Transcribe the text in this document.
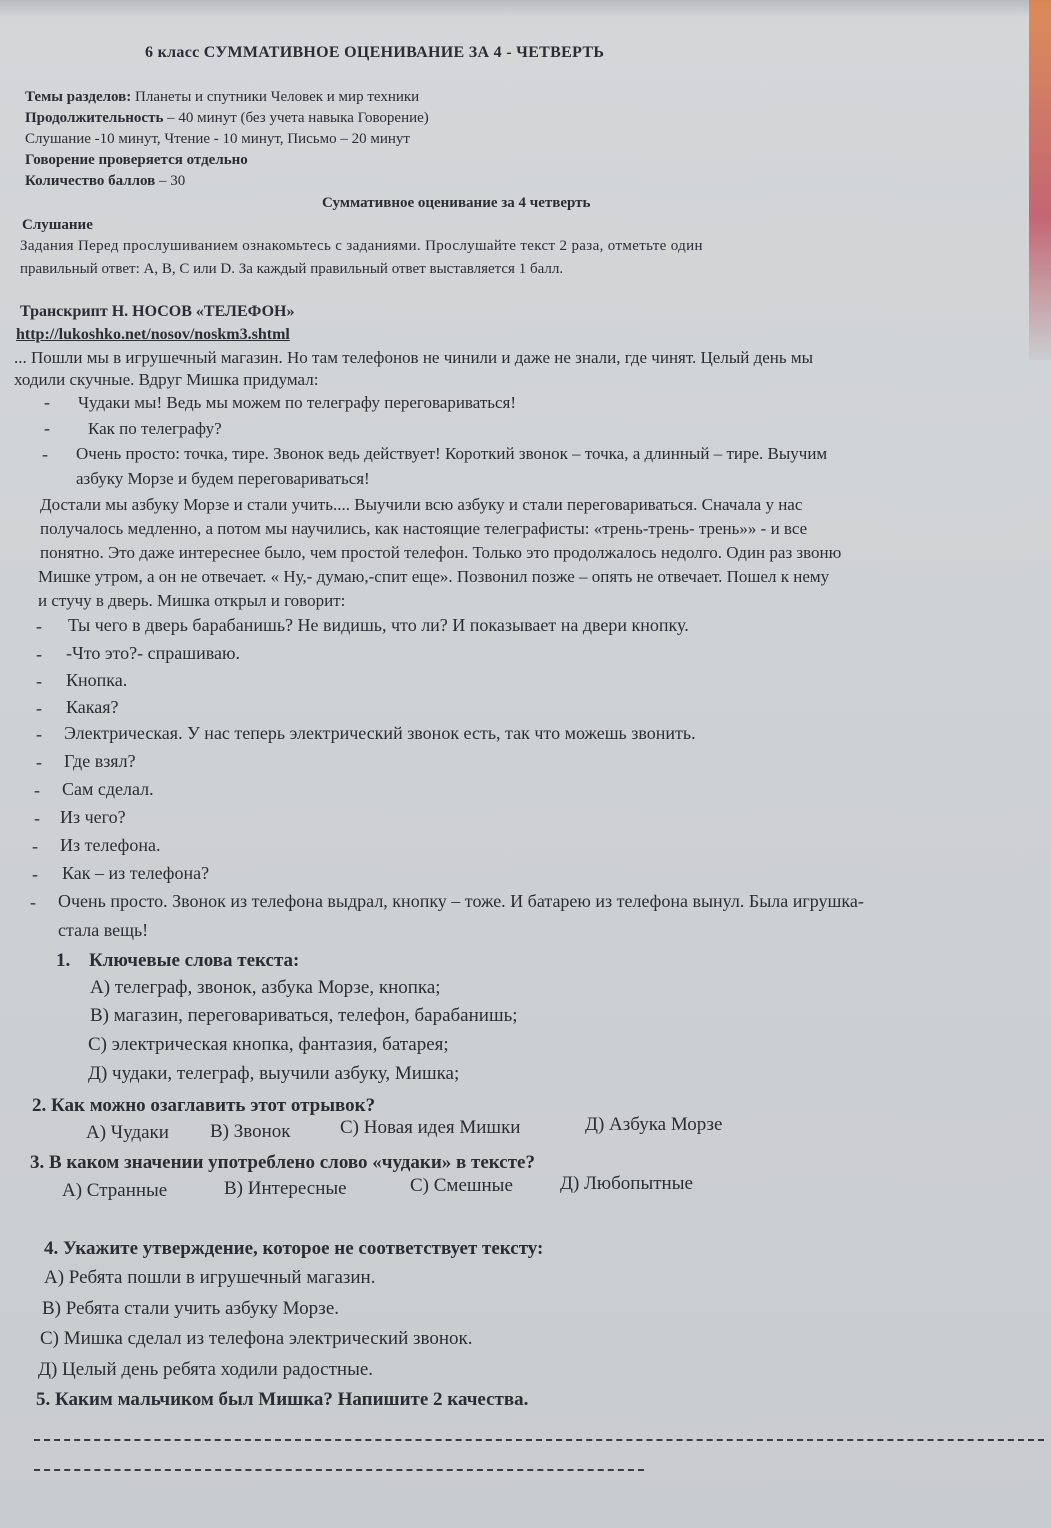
6 класс СУММАТИВНОЕ ОЦЕНИВАНИЕ ЗА 4 - ЧЕТВЕРТЬ
Темы разделов: Планеты и спутники Человек и мир техники
Продолжительность – 40 минут (без учета навыка Говорение)
Слушание -10 минут, Чтение - 10 минут, Письмо – 20 минут
Говорение проверяется отдельно
Количество баллов – 30
Суммативное оценивание за 4 четверть
Слушание
Задания Перед прослушиванием ознакомьтесь с заданиями. Прослушайте текст 2 раза, отметьте один
правильный ответ: А, В, С или D. За каждый правильный ответ выставляется 1 балл.
Транскрипт Н. НОСОВ «ТЕЛЕФОН»
http://lukoshko.net/nosov/noskm3.shtml
... Пошли мы в игрушечный магазин. Но там телефонов не чинили и даже не знали, где чинят. Целый день мы
ходили скучные. Вдруг Мишка придумал:
- Чудаки мы! Ведь мы можем по телеграфу переговариваться!
- Как по телеграфу?
- Очень просто: точка, тире. Звонок ведь действует! Короткий звонок – точка, а длинный – тире. Выучим
азбуку Морзе и будем переговариваться!
Достали мы азбуку Морзе и стали учить.... Выучили всю азбуку и стали переговариваться. Сначала у нас
получалось медленно, а потом мы научились, как настоящие телеграфисты: «трень-трень- трень»» - и все
понятно. Это даже интереснее было, чем простой телефон. Только это продолжалось недолго. Один раз звоню
Мишке утром, а он не отвечает. « Ну,- думаю,-спит еще». Позвонил позже – опять не отвечает. Пошел к нему
и стучу в дверь. Мишка открыл и говорит:
- Ты чего в дверь барабанишь? Не видишь, что ли? И показывает на двери кнопку.
- -Что это?- спрашиваю.
- Кнопка.
- Какая?
- Электрическая. У нас теперь электрический звонок есть, так что можешь звонить.
- Где взял?
- Сам сделал.
- Из чего?
- Из телефона.
- Как – из телефона?
- Очень просто. Звонок из телефона выдрал, кнопку – тоже. И батарею из телефона вынул. Была игрушка-
стала вещь!
1. Ключевые слова текста:
А) телеграф, звонок, азбука Морзе, кнопка;
В) магазин, переговариваться, телефон, барабанишь;
С) электрическая кнопка, фантазия, батарея;
Д) чудаки, телеграф, выучили азбуку, Мишка;
2. Как можно озаглавить этот отрывок?
А) Чудаки В) Звонок	С) Новая идея Мишки	Д) Азбука Морзе
3. В каком значении употреблено слово «чудаки» в тексте?
А) Странные	В) Интересные	С) Смешные Д) Любопытные
4. Укажите утверждение, которое не соответствует тексту:
А) Ребята пошли в игрушечный магазин.
В) Ребята стали учить азбуку Морзе.
С) Мишка сделал из телефона электрический звонок.
Д) Целый день ребята ходили радостные.
5. Каким мальчиком был Мишка? Напишите 2 качества.
